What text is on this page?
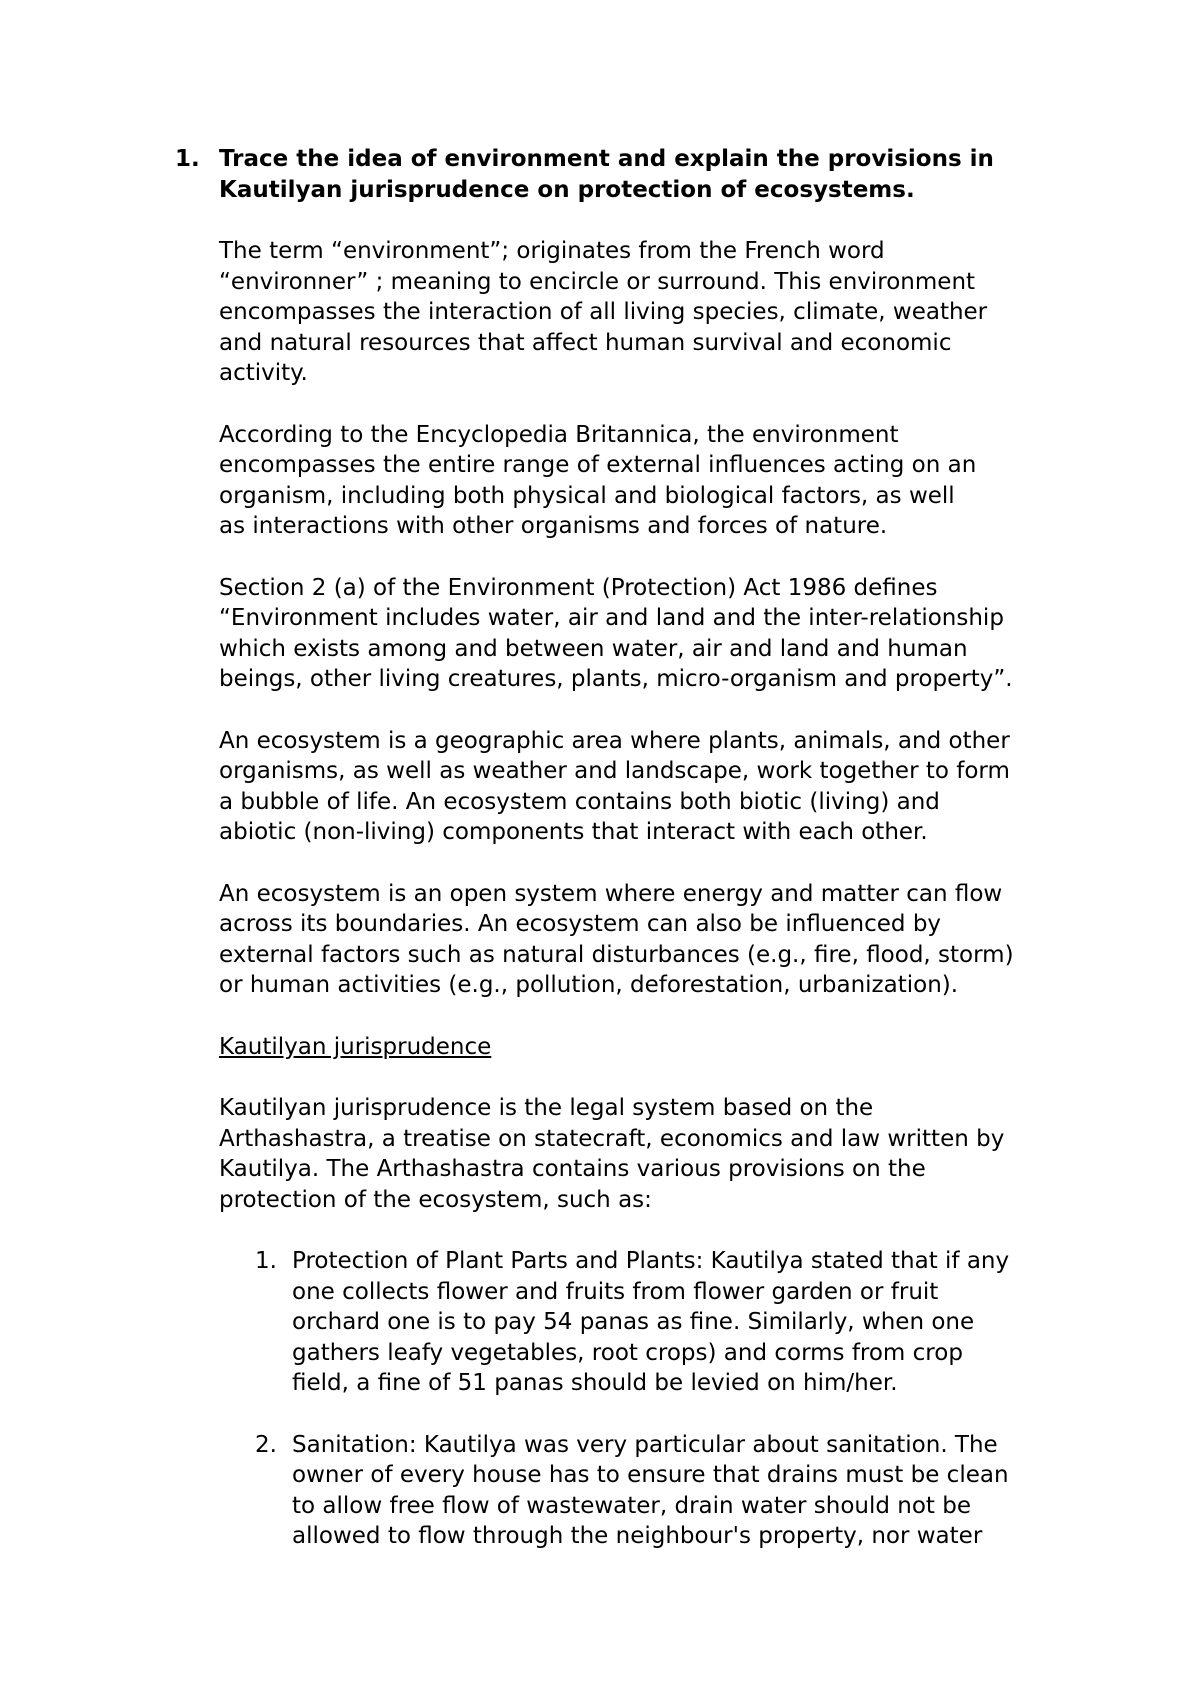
1. Trace the idea of environment and explain the provisions in
Kautilyan jurisprudence on protection of ecosystems.

The term “environment”; originates from the French word
“environner” ; meaning to encircle or surround. This environment
encompasses the interaction of all living species, climate, weather
and natural resources that affect human survival and economic
activity.

According to the Encyclopedia Britannica, the environment
encompasses the entire range of external influences acting on an
organism, including both physical and biological factors, as well
as interactions with other organisms and forces of nature.

Section 2 (a) of the Environment (Protection) Act 1986 defines
“Environment includes water, air and land and the inter-relationship
which exists among and between water, air and land and human
beings, other living creatures, plants, micro-organism and property”.

An ecosystem is a geographic area where plants, animals, and other
organisms, as well as weather and landscape, work together to form
a bubble of life. An ecosystem contains both biotic (living) and
abiotic (non-living) components that interact with each other.

An ecosystem is an open system where energy and matter can flow
across its boundaries. An ecosystem can also be influenced by
external factors such as natural disturbances (e.g., fire, flood, storm)
or human activities (e.g., pollution, deforestation, urbanization).

Kautilyan jurisprudence

Kautilyan jurisprudence is the legal system based on the
Arthashastra, a treatise on statecraft, economics and law written by
Kautilya. The Arthashastra contains various provisions on the
protection of the ecosystem, such as:

1. Protection of Plant Parts and Plants: Kautilya stated that if any
one collects flower and fruits from flower garden or fruit
orchard one is to pay 54 panas as fine. Similarly, when one
gathers leafy vegetables, root crops) and corms from crop
field, a fine of 51 panas should be levied on him/her.
2. Sanitation: Kautilya was very particular about sanitation. The
owner of every house has to ensure that drains must be clean
to allow free flow of wastewater, drain water should not be
allowed to flow through the neighbour's property, nor water
